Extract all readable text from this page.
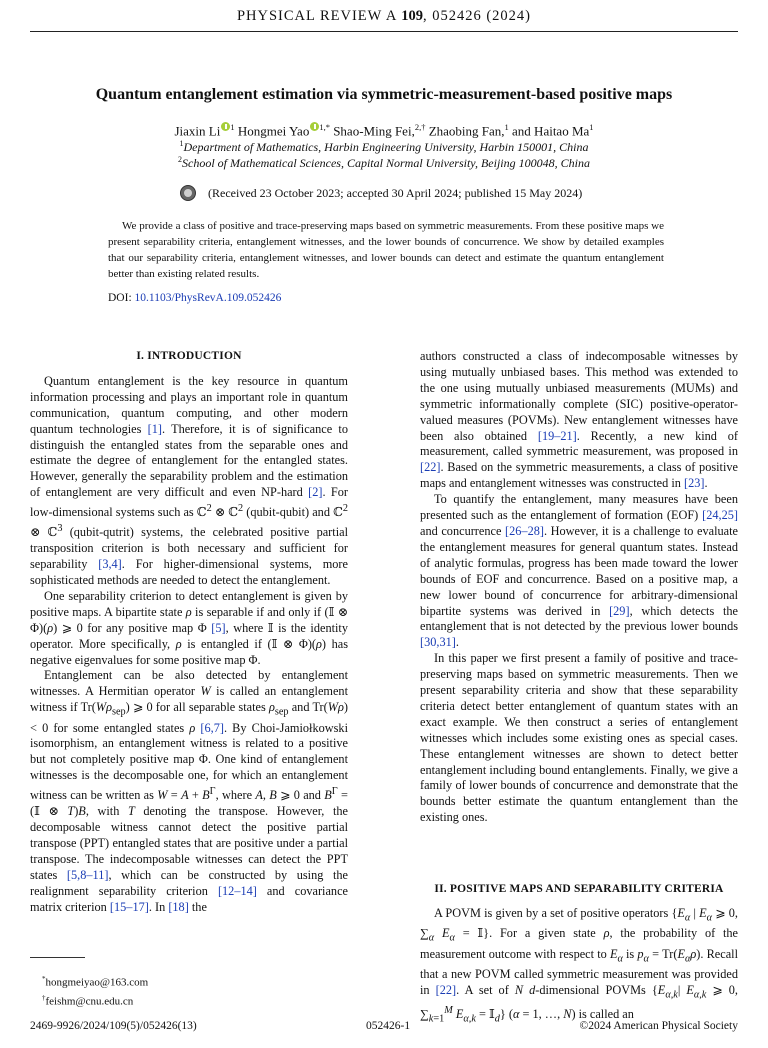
PHYSICAL REVIEW A 109, 052426 (2024)
Quantum entanglement estimation via symmetric-measurement-based positive maps
Jiaxin Li $^1$ Hongmei Yao $^{1,*}$ Shao-Ming Fei,$^{2,\dagger}$ Zhaobing Fan,$^1$ and Haitao Ma$^1$
$^1$Department of Mathematics, Harbin Engineering University, Harbin 150001, China
$^2$School of Mathematical Sciences, Capital Normal University, Beijing 100048, China
(Received 23 October 2023; accepted 30 April 2024; published 15 May 2024)
We provide a class of positive and trace-preserving maps based on symmetric measurements. From these positive maps we present separability criteria, entanglement witnesses, and the lower bounds of concurrence. We show by detailed examples that our separability criteria, entanglement witnesses, and lower bounds can detect and estimate the quantum entanglement better than existing related results.
DOI: 10.1103/PhysRevA.109.052426
I. INTRODUCTION

Quantum entanglement is the key resource in quantum information processing and plays an important role in quantum communication, quantum computing, and other modern quantum technologies [1]. Therefore, it is of significance to distinguish the entangled states from the separable ones and estimate the degree of entanglement for the entangled states. However, generally the separability problem and the estimation of entanglement are very difficult and even NP-hard [2]. For low-dimensional systems such as ℂ$^2$ ⊗ ℂ$^2$ (qubit-qubit) and ℂ$^2$ ⊗ ℂ$^3$ (qubit-qutrit) systems, the celebrated positive partial transposition criterion is both necessary and sufficient for separability [3,4]. For higher-dimensional systems, more sophisticated methods are needed to detect the entanglement.

One separability criterion to detect entanglement is given by positive maps. A bipartite state ρ is separable if and only if (𝕀 ⊗ Φ)(ρ) ⩾ 0 for any positive map Φ [5], where 𝕀 is the identity operator. More specifically, ρ is entangled if (𝕀 ⊗ Φ)(ρ) has negative eigenvalues for some positive map Φ.

Entanglement can be also detected by entanglement witnesses. A Hermitian operator W is called an entanglement witness if $Tr(W\rho_{sep})$ ⩾ 0 for all separable states $\rho_{sep}$ and Tr(Wρ) < 0 for some entangled states ρ [6,7]. By Choi-Jamiołkowski isomorphism, an entanglement witness is related to a positive but not completely positive map Φ. One kind of entanglement witnesses is the decomposable one, for which an entanglement witness can be written as $W = A + B^\Gamma$, where A, B ⩾ 0 and $B^\Gamma$ = (𝕀 ⊗ T)B, with T denoting the transpose. However, the decomposable witness cannot detect the positive partial transpose (PPT) entangled states that are positive under a partial transpose. The indecomposable witnesses can detect the PPT states [5,8–11], which can be constructed by using the realignment separability criterion [12–14] and covariance matrix criterion [15–17]. In [18] the

authors constructed a class of indecomposable witnesses by using mutually unbiased bases. This method was extended to the one using mutually unbiased measurements (MUMs) and symmetric informationally complete (SIC) positive-operator-valued measures (POVMs). New entanglement witnesses have been also obtained [19–21]. Recently, a new kind of measurement, called symmetric measurement, was proposed in [22]. Based on the symmetric measurements, a class of positive maps and entanglement witnesses was constructed in [23].

To quantify the entanglement, many measures have been presented such as the entanglement of formation (EOF) [24,25] and concurrence [26–28]. However, it is a challenge to evaluate the entanglement measures for general quantum states. Instead of analytic formulas, progress has been made toward the lower bounds of EOF and concurrence. Based on a positive map, a new lower bound of concurrence for arbitrary-dimensional bipartite systems was derived in [29], which detects the entanglement that is not detected by the previous lower bounds [30,31].

In this paper we first present a family of positive and trace-preserving maps based on symmetric measurements. Then we present separability criteria and show that these separability criteria detect better entanglement of quantum states with an exact example. We then construct a series of entanglement witnesses which includes some existing ones as special cases. These entanglement witnesses are shown to detect better entanglement including bound entanglements. Finally, we give a family of lower bounds of concurrence and demonstrate that the bounds better estimate the quantum entanglement than the existing ones.

II. POSITIVE MAPS AND SEPARABILITY CRITERIA

A POVM is given by a set of positive operators {$E_\alpha$ | $E_\alpha$ ⩾ 0, $\sum_\alpha$ $E_\alpha$ = 𝕀}. For a given state ρ, the probability of the measurement outcome with respect to $E_\alpha$ is $p_\alpha = Tr(E_\alpha\rho)$. Recall that a new POVM called symmetric measurement was provided in [22]. A set of N d-dimensional POVMs {$E_{\alpha,k}|$ $E_{\alpha,k}$ ⩾ 0, $\sum_{k=1}^M$ $E_{\alpha,k}$ = 𝕀$_d$} (α = 1, …, N) is called an

*hongmeiyao@163.com
†feishm@cnu.edu.cn
2469-9926/2024/109(5)/052426(13)	052426-1	©2024 American Physical Society
